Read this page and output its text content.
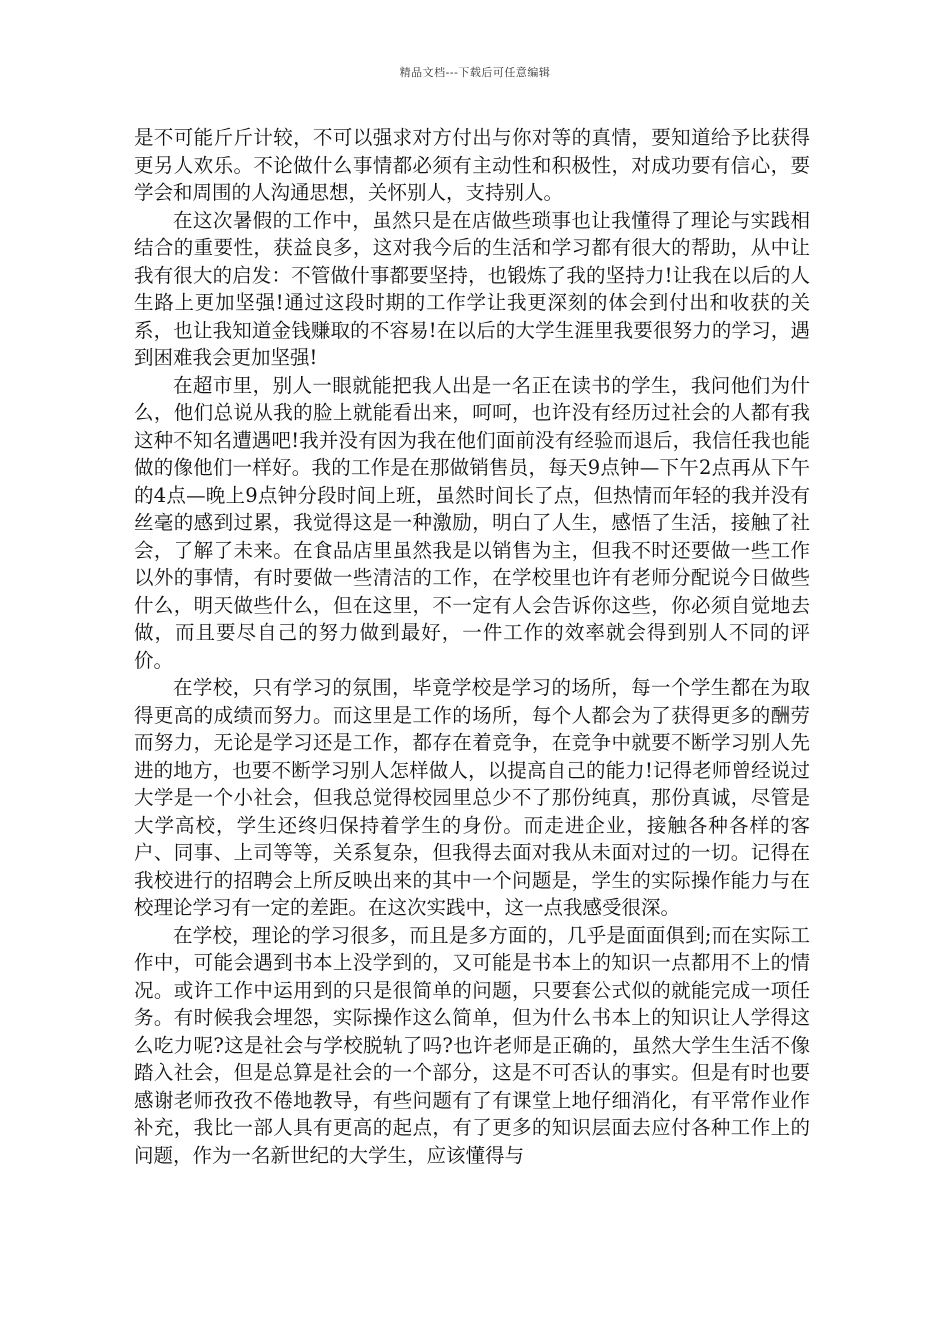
精品文档---下载后可任意编辑

是不可能斤斤计较，不可以强求对方付出与你对等的真情，要知道给予比获得更另人欢乐。不论做什么事情都必须有主动性和积极性，对成功要有信心，要学会和周围的人沟通思想，关怀别人，支持别人。

在这次暑假的工作中，虽然只是在店做些琐事也让我懂得了理论与实践相结合的重要性，获益良多，这对我今后的生活和学习都有很大的帮助，从中让我有很大的启发：不管做什事都要坚持，也锻炼了我的坚持力!让我在以后的人生路上更加坚强!通过这段时期的工作学让我更深刻的体会到付出和收获的关系，也让我知道金钱赚取的不容易!在以后的大学生涯里我要很努力的学习，遇到困难我会更加坚强!

在超市里，别人一眼就能把我人出是一名正在读书的学生，我问他们为什么，他们总说从我的脸上就能看出来，呵呵，也许没有经历过社会的人都有我这种不知名遭遇吧!我并没有因为我在他们面前没有经验而退后，我信任我也能做的像他们一样好。我的工作是在那做销售员，每天9点钟—下午2点再从下午的4点—晚上9点钟分段时间上班，虽然时间长了点，但热情而年轻的我并没有丝毫的感到过累，我觉得这是一种激励，明白了人生，感悟了生活，接触了社会，了解了未来。在食品店里虽然我是以销售为主，但我不时还要做一些工作以外的事情，有时要做一些清洁的工作，在学校里也许有老师分配说今日做些什么，明天做些什么，但在这里，不一定有人会告诉你这些，你必须自觉地去做，而且要尽自己的努力做到最好，一件工作的效率就会得到别人不同的评价。

在学校，只有学习的氛围，毕竟学校是学习的场所，每一个学生都在为取得更高的成绩而努力。而这里是工作的场所，每个人都会为了获得更多的酬劳而努力，无论是学习还是工作，都存在着竞争，在竞争中就要不断学习别人先进的地方，也要不断学习别人怎样做人，以提高自己的能力!记得老师曾经说过大学是一个小社会，但我总觉得校园里总少不了那份纯真，那份真诚，尽管是大学高校，学生还终归保持着学生的身份。而走进企业，接触各种各样的客户、同事、上司等等，关系复杂，但我得去面对我从未面对过的一切。记得在我校进行的招聘会上所反映出来的其中一个问题是，学生的实际操作能力与在校理论学习有一定的差距。在这次实践中，这一点我感受很深。

在学校，理论的学习很多，而且是多方面的，几乎是面面俱到;而在实际工作中，可能会遇到书本上没学到的，又可能是书本上的知识一点都用不上的情况。或许工作中运用到的只是很简单的问题，只要套公式似的就能完成一项任务。有时候我会埋怨，实际操作这么简单，但为什么书本上的知识让人学得这么吃力呢?这是社会与学校脱轨了吗?也许老师是正确的，虽然大学生生活不像踏入社会，但是总算是社会的一个部分，这是不可否认的事实。但是有时也要感谢老师孜孜不倦地教导，有些问题有了有课堂上地仔细消化，有平常作业作补充，我比一部人具有更高的起点，有了更多的知识层面去应付各种工作上的问题，作为一名新世纪的大学生，应该懂得与
